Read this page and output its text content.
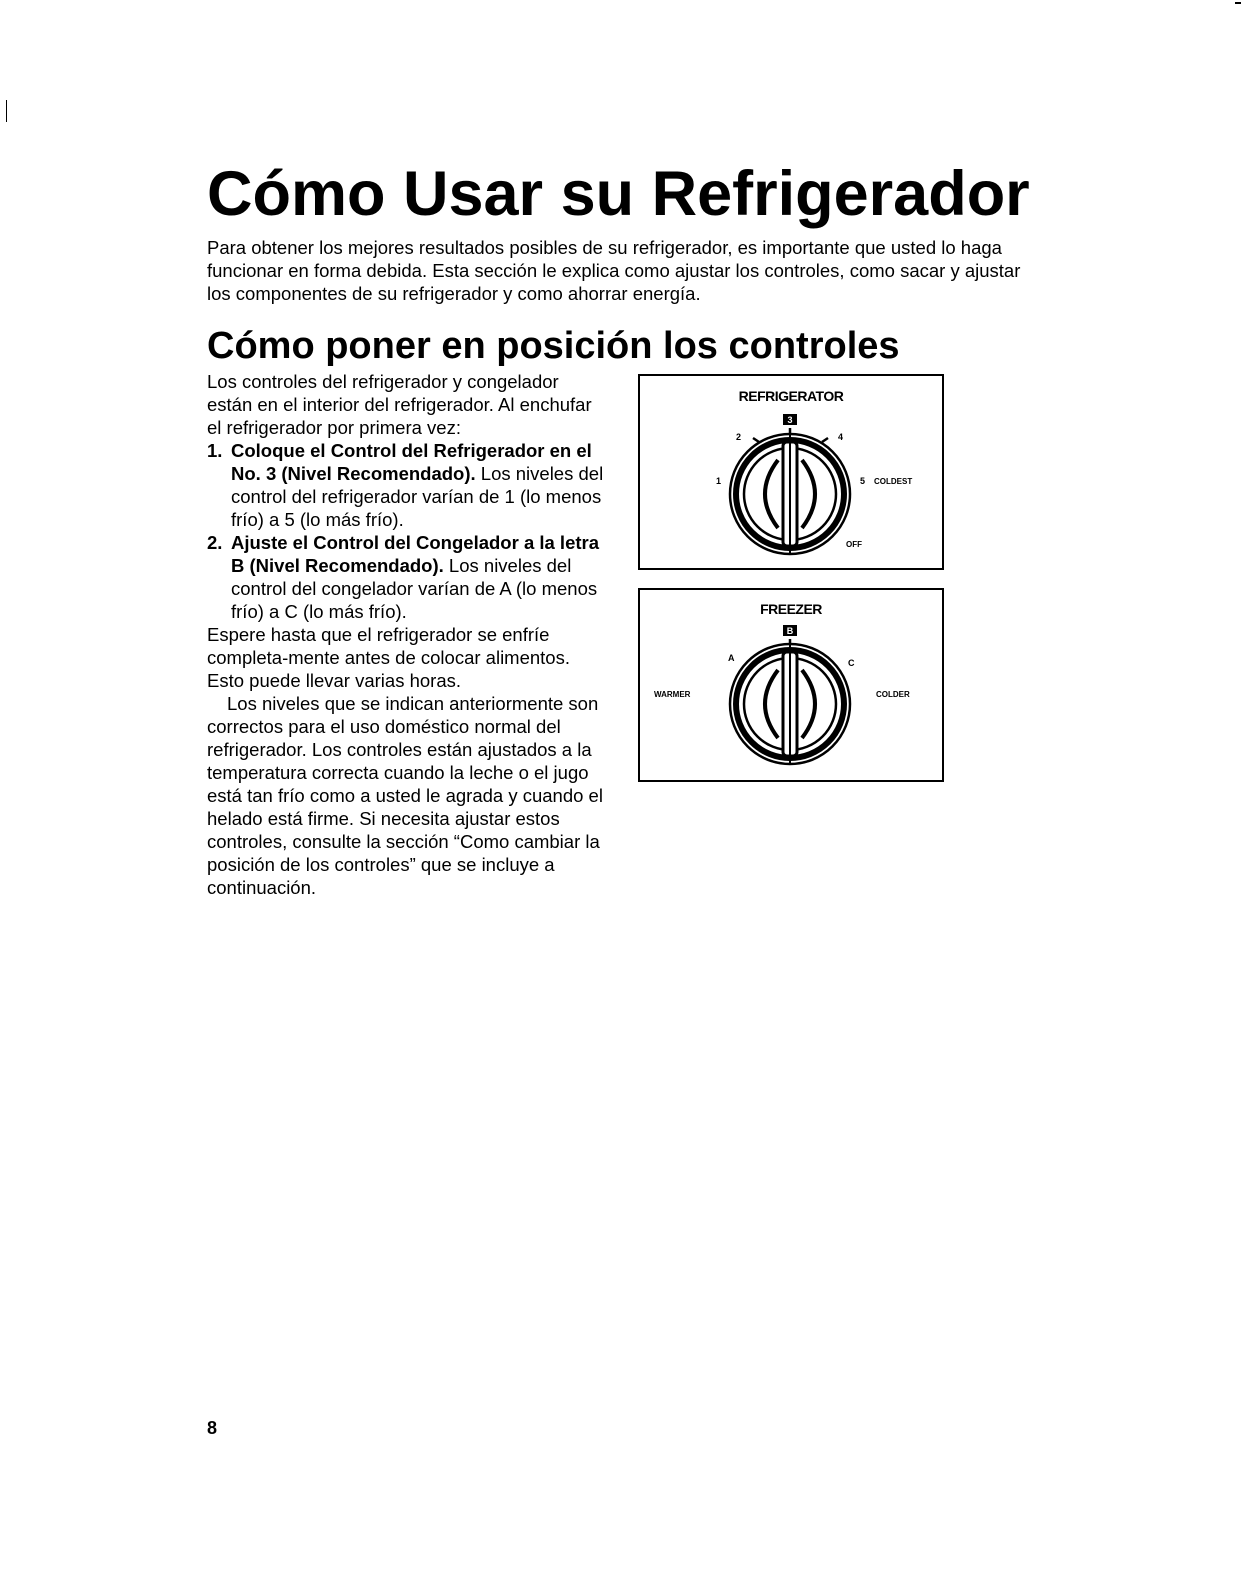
Cómo Usar su Refrigerador

Para obtener los mejores resultados posibles de su refrigerador, es importante que usted lo haga funcionar en forma debida. Esta sección le explica como ajustar los controles, como sacar y ajustar los componentes de su refrigerador y como ahorrar energía.

Cómo poner en posición los controles

Los controles del refrigerador y congelador están en el interior del refrigerador. Al enchufar el refrigerador por primera vez:

1. Coloque el Control del Refrigerador en el No. 3 (Nivel Recomendado). Los niveles del control del refrigerador varían de 1 (lo menos frío) a 5 (lo más frío).
2. Ajuste el Control del Congelador a la letra B (Nivel Recomendado). Los niveles del control del congelador varían de A (lo menos frío) a C (lo más frío).

Espere hasta que el refrigerador se enfríe completa-mente antes de colocar alimentos. Esto puede llevar varias horas.

Los niveles que se indican anteriormente son correctos para el uso doméstico normal del refrigerador. Los controles están ajustados a la temperatura correcta cuando la leche o el jugo está tan frío como a usted le agrada y cuando el helado está firme. Si necesita ajustar estos controles, consulte la sección “Como cambiar la posición de los controles” que se incluye a continuación.

REFRIGERATOR
3
2	4
1	5 COLDEST
OFF
FREEZER
B
A	C
WARMER	COLDER
8
